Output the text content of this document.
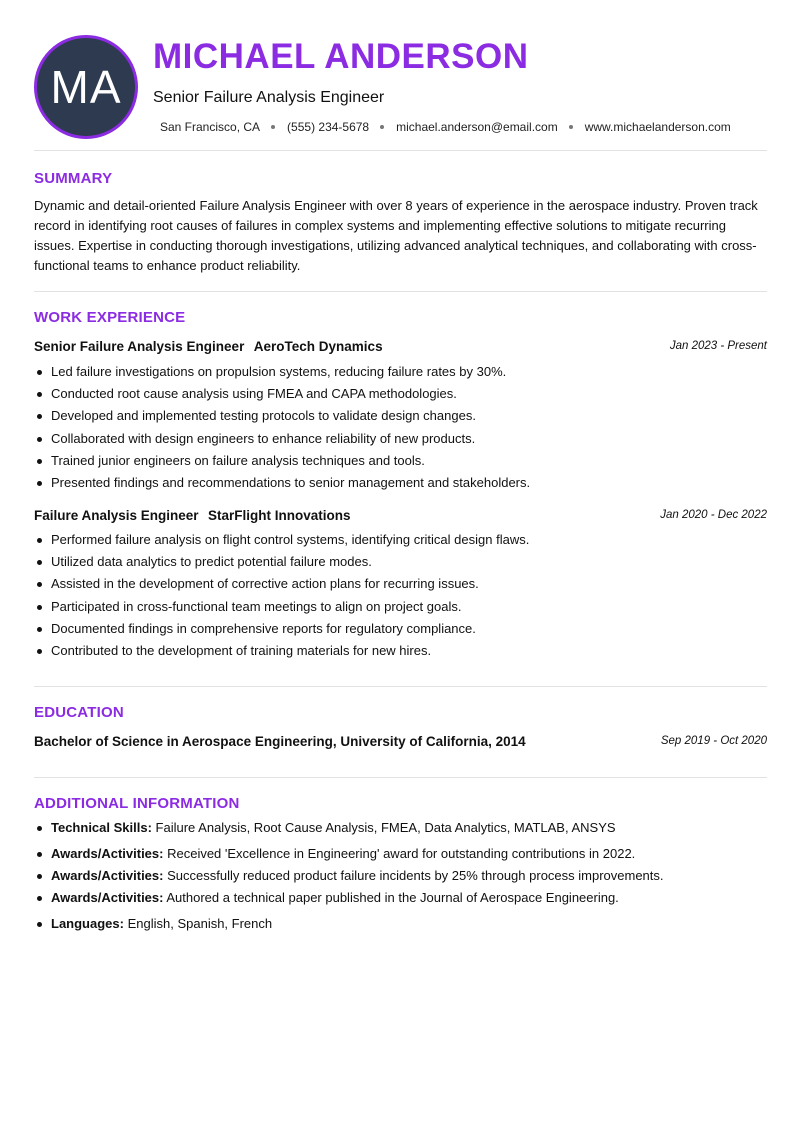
MA
MICHAEL ANDERSON
Senior Failure Analysis Engineer
San Francisco, CA (555) 234-5678 michael.anderson@email.com www.michaelanderson.com
SUMMARY

Dynamic and detail-oriented Failure Analysis Engineer with over 8 years of experience in the aerospace industry. Proven track record in identifying root causes of failures in complex systems and implementing effective solutions to mitigate recurring issues. Expertise in conducting thorough investigations, utilizing advanced analytical techniques, and collaborating with cross-functional teams to enhance product reliability.

WORK EXPERIENCE
Senior Failure Analysis Engineer AeroTech Dynamics	Jan 2023 - Present
Led failure investigations on propulsion systems, reducing failure rates by 30%.
Conducted root cause analysis using FMEA and CAPA methodologies.
Developed and implemented testing protocols to validate design changes.
Collaborated with design engineers to enhance reliability of new products.
Trained junior engineers on failure analysis techniques and tools.
Presented findings and recommendations to senior management and stakeholders.
Failure Analysis Engineer StarFlight Innovations	Jan 2020 - Dec 2022
Performed failure analysis on flight control systems, identifying critical design flaws.
Utilized data analytics to predict potential failure modes.
Assisted in the development of corrective action plans for recurring issues.
Participated in cross-functional team meetings to align on project goals.
Documented findings in comprehensive reports for regulatory compliance.
Contributed to the development of training materials for new hires.
EDUCATION
Bachelor of Science in Aerospace Engineering, University of California, 2014	Sep 2019 - Oct 2020
ADDITIONAL INFORMATION
Technical Skills: Failure Analysis, Root Cause Analysis, FMEA, Data Analytics, MATLAB, ANSYS
Awards/Activities: Received 'Excellence in Engineering' award for outstanding contributions in 2022.
Awards/Activities: Successfully reduced product failure incidents by 25% through process improvements.
Awards/Activities: Authored a technical paper published in the Journal of Aerospace Engineering.
Languages: English, Spanish, French
